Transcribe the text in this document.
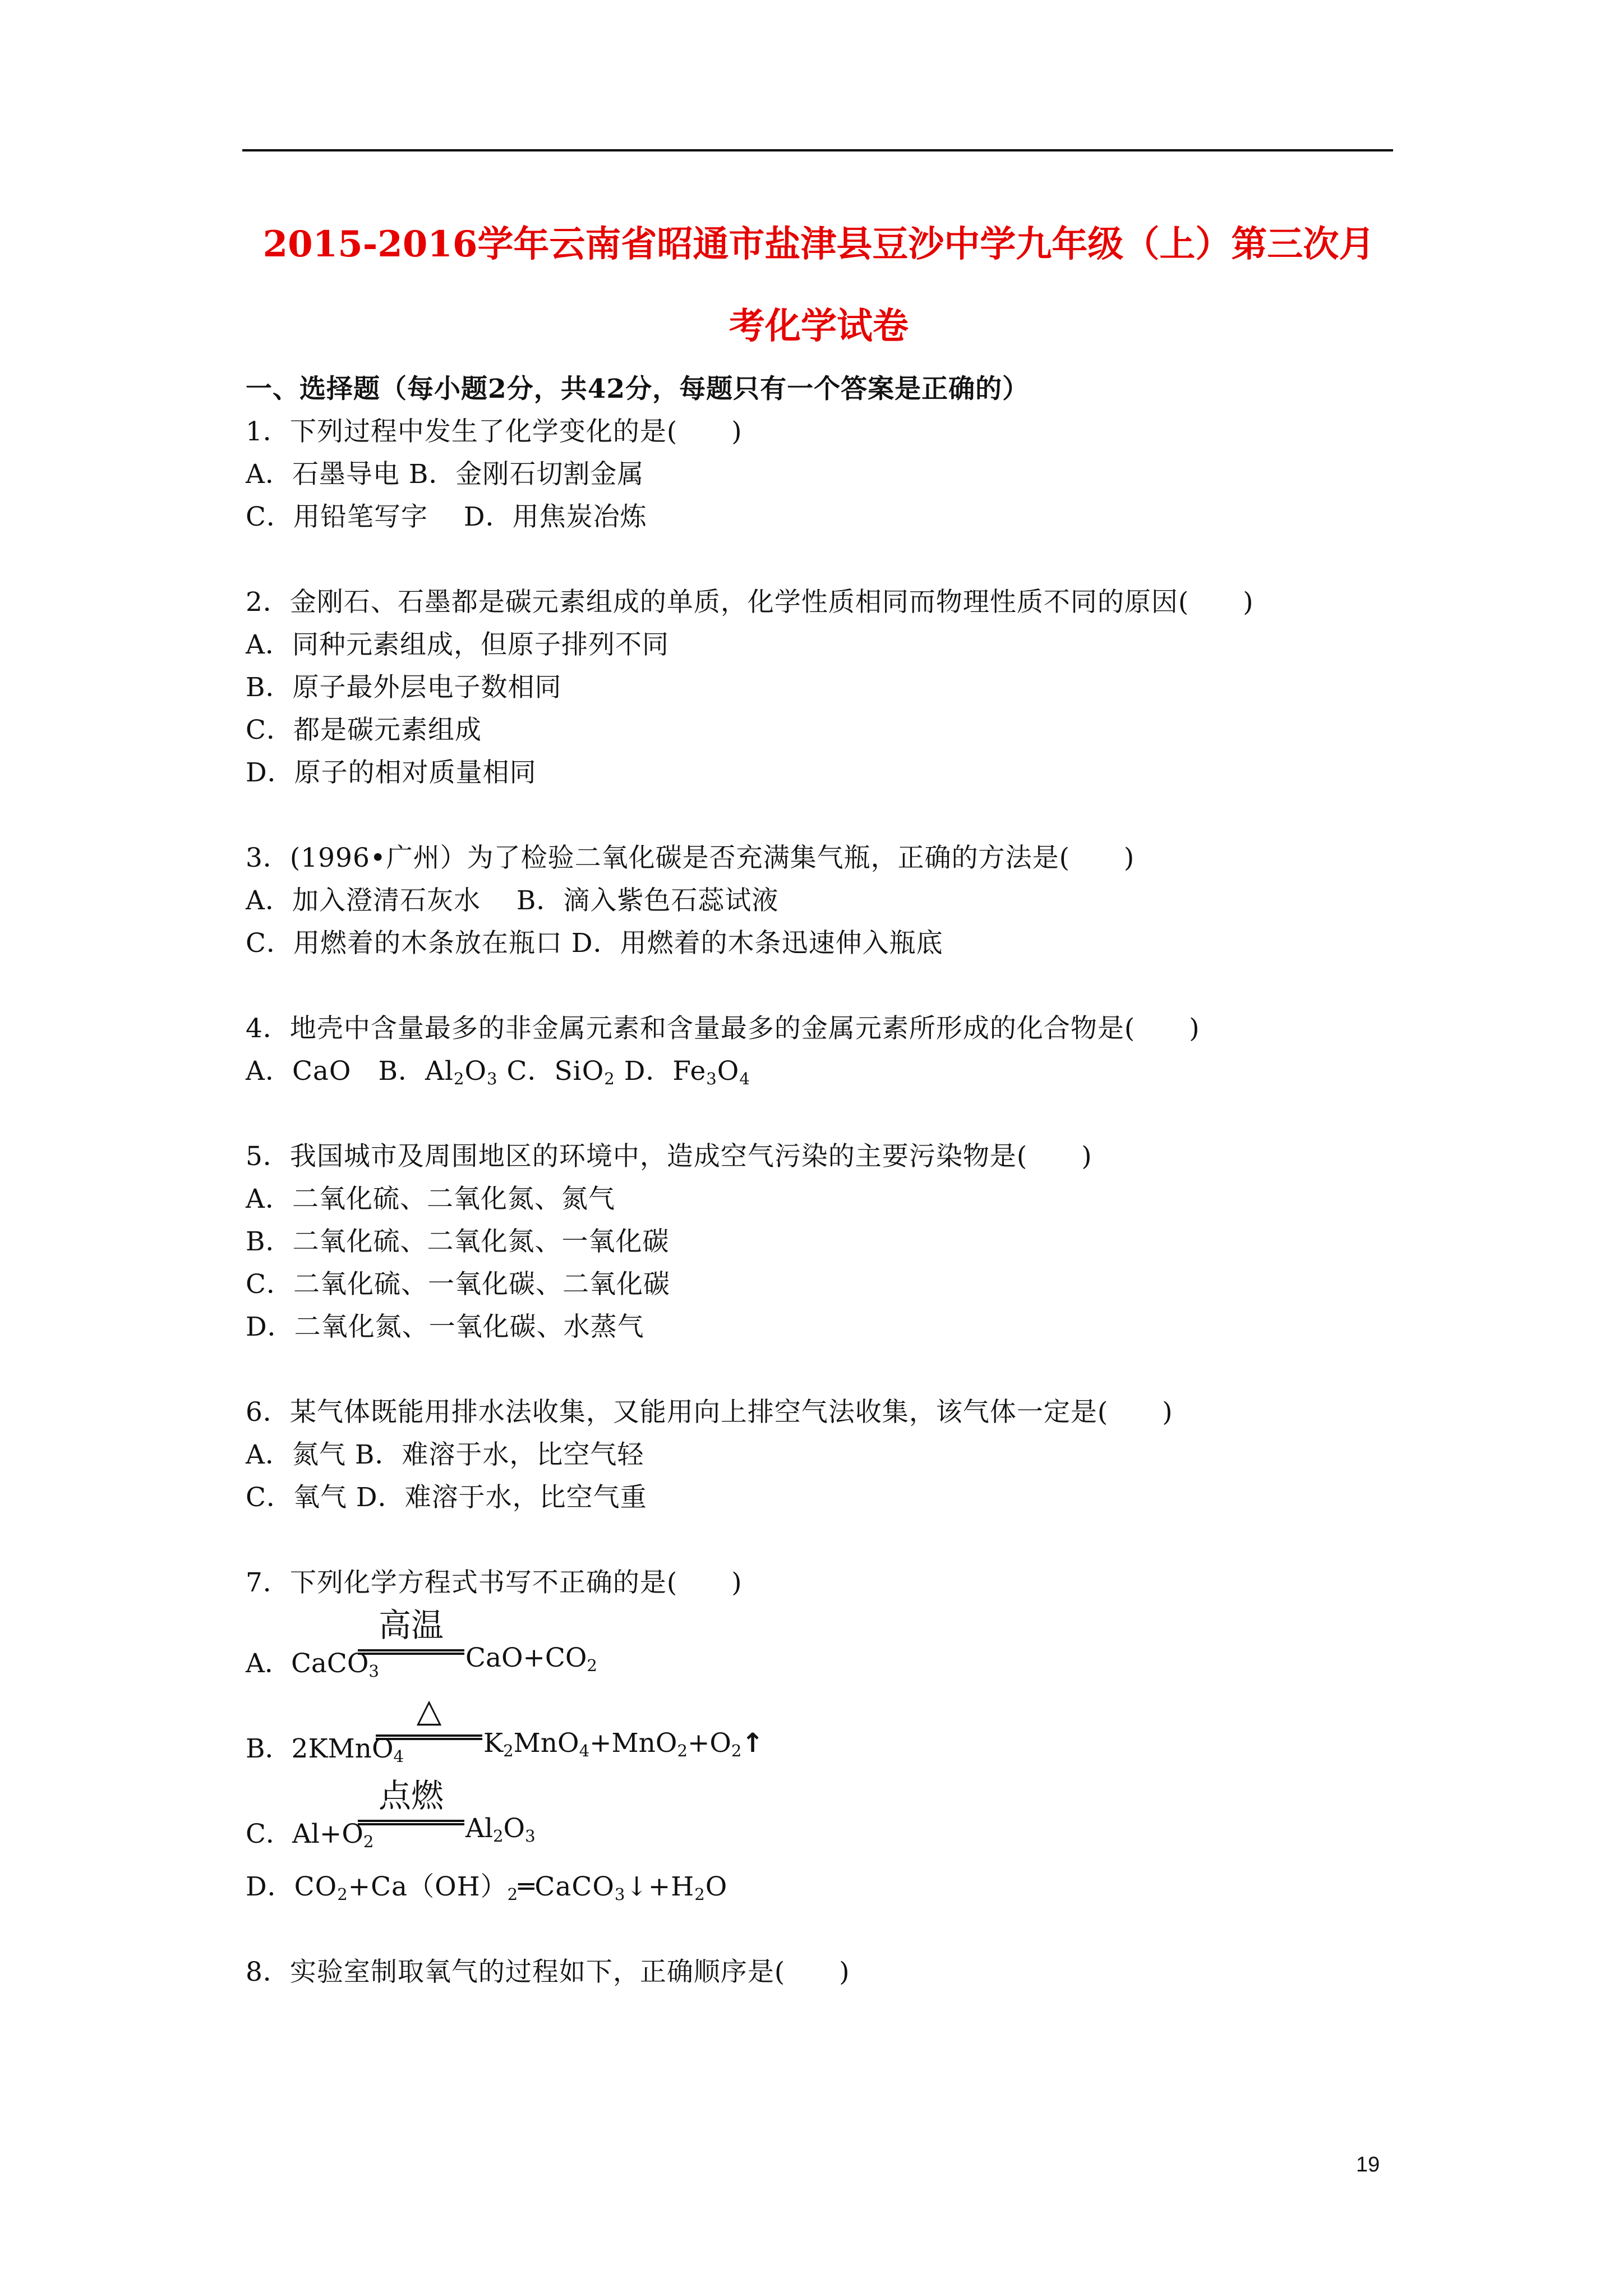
2015-2016学年云南省昭通市盐津县豆沙中学九年级（上）第三次月
考化学试卷
一、选择题（每小题2分，共42分，每题只有一个答案是正确的）
1．下列过程中发生了化学变化的是(　　)
A．石墨导电 B．金刚石切割金属
C．用铅笔写字　 D．用焦炭冶炼
2．金刚石、石墨都是碳元素组成的单质，化学性质相同而物理性质不同的原因(　　)
A．同种元素组成，但原子排列不同
B．原子最外层电子数相同
C．都是碳元素组成
D．原子的相对质量相同
3．(1996•广州）为了检验二氧化碳是否充满集气瓶，正确的方法是(　　)
A．加入澄清石灰水　 B．滴入紫色石蕊试液
C．用燃着的木条放在瓶口 D．用燃着的木条迅速伸入瓶底
4．地壳中含量最多的非金属元素和含量最多的金属元素所形成的化合物是(　　)
A．CaO　B．$Al_2O_3$ C．SiO$_2$ D．$Fe_3O_4$
5．我国城市及周围地区的环境中，造成空气污染的主要污染物是(　　)
A．二氧化硫、二氧化氮、氮气
B．二氧化硫、二氧化氮、一氧化碳
C．二氧化硫、一氧化碳、二氧化碳
D．二氧化氮、一氧化碳、水蒸气
6．某气体既能用排水法收集，又能用向上排空气法收集，该气体一定是(　　)
A．氮气 B．难溶于水，比空气轻
C．氧气 D．难溶于水，比空气重
7．下列化学方程式书写不正确的是(　　)
A．CaCO$_3$
高温
$CaO+CO_2$
B．2KMnO$_4$
△
$K_2MnO_4+MnO_2+O_2↑$
C．$Al+O_2$
点燃
$Al_2O_3$
D．$CO_2+Ca(OH)_2═CaCO_3↓+H_2O$
8．实验室制取氧气的过程如下，正确顺序是(　　)
19
